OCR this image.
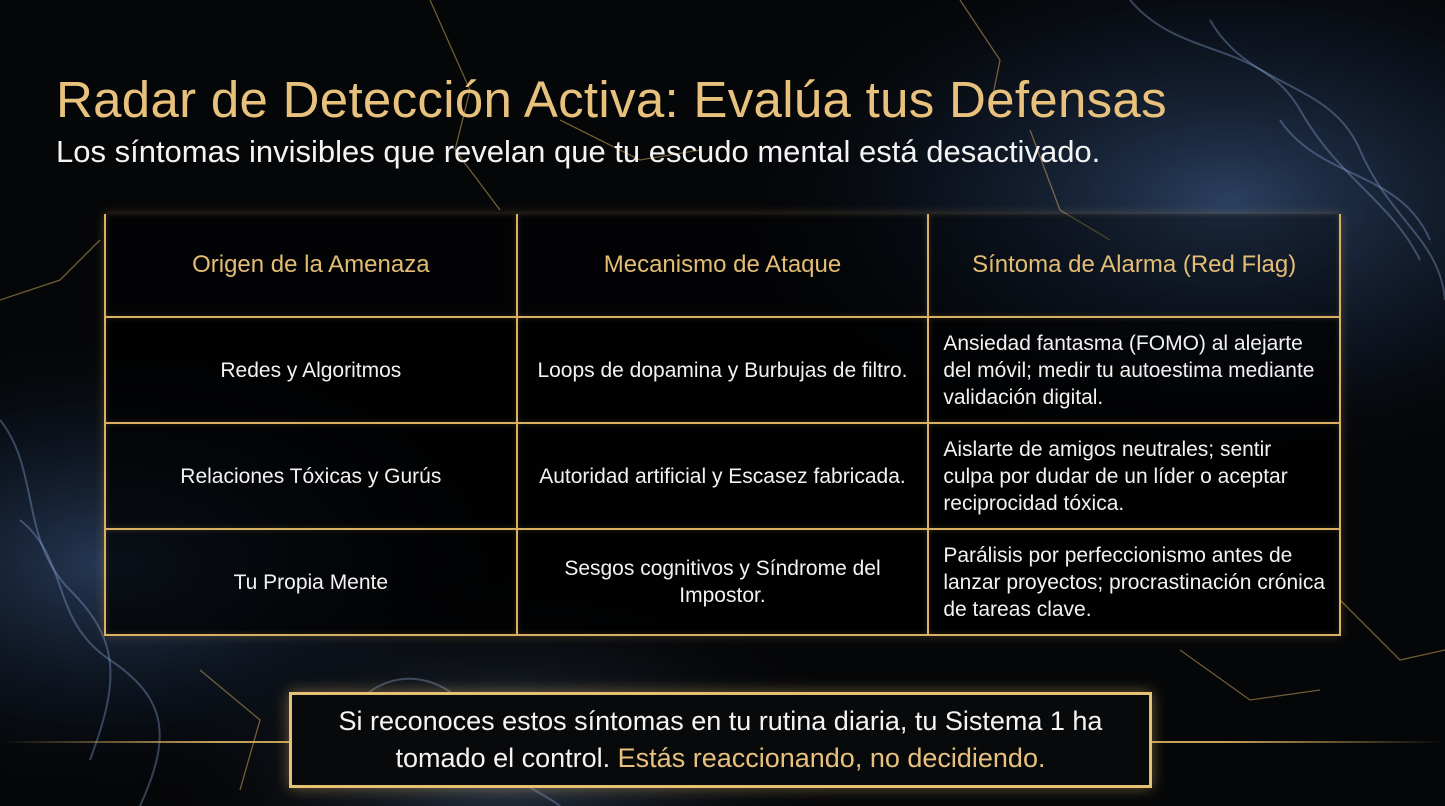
Radar de Detección Activa: Evalúa tus Defensas
Los síntomas invisibles que revelan que tu escudo mental está desactivado.
Origen de la Amenaza	Mecanismo de Ataque	Síntoma de Alarma (Red Flag)
Redes y Algoritmos	Loops de dopamina y Burbujas de filtro.	Ansiedad fantasma (FOMO) al alejarte del móvil; medir tu autoestima mediante validación digital.
Relaciones Tóxicas y Gurús	Autoridad artificial y Escasez fabricada.	Aislarte de amigos neutrales; sentir culpa por dudar de un líder o aceptar reciprocidad tóxica.
Tu Propia Mente	Sesgos cognitivos y Síndrome del Impostor.	Parálisis por perfeccionismo antes de lanzar proyectos; procrastinación crónica de tareas clave.

Si reconoces estos síntomas en tu rutina diaria, tu Sistema 1 ha tomado el control. Estás reaccionando, no decidiendo.
